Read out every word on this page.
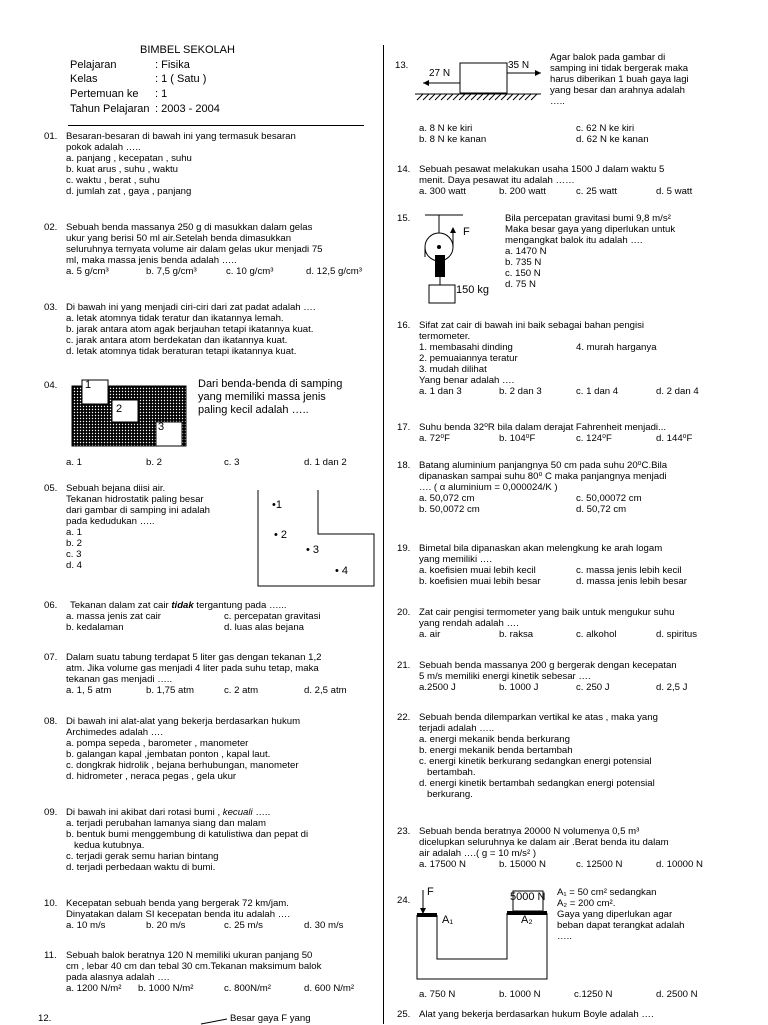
BIMBEL SEKOLAH
Pelajaran	: Fisika
Kelas	: 1 ( Satu )
Pertemuan ke : 1
Tahun Pelajaran : 2003 - 2004
01. Besaran-besaran di bawah ini yang termasuk besaran
pokok adalah …..
a. panjang , kecepatan , suhu
b. kuat arus , suhu , waktu
c. waktu , berat , suhu
d. jumlah zat , gaya , panjang
02. Sebuah benda massanya 250 g di masukkan dalam gelas
ukur yang berisi 50 ml air.Setelah benda dimasukkan
seluruhnya ternyata volume air dalam gelas ukur menjadi 75
ml, maka massa jenis benda adalah …..
a. 5 g/cm³	b. 7,5 g/cm³	c. 10 g/cm³	d. 12,5 g/cm³
03. Di bawah ini yang menjadi ciri-ciri dari zat padat adalah ….
a. letak atomnya tidak teratur dan ikatannya lemah.
b. jarak antara atom agak berjauhan tetapi ikatannya kuat.
c. jarak antara atom berdekatan dan ikatannya kuat.
d. letak atomnya tidak beraturan tetapi ikatannya kuat.
04.	1
2
3
Dari benda-benda di samping
yang memiliki massa jenis
paling kecil adalah …..
a. 1	b. 2	c. 3	d. 1 dan 2
05. Sebuah bejana diisi air.
Tekanan hidrostatik paling besar
dari gambar di samping ini adalah
pada kedudukan …..
a. 1
b. 2
c. 3
d. 4
•1
• 2
• 3
• 4
06. Tekanan dalam zat cair tidak tergantung pada …...
a. massa jenis zat cair
b. kedalaman
c. percepatan gravitasi
d. luas alas bejana
07. Dalam suatu tabung terdapat 5 liter gas dengan tekanan 1,2
atm. Jika volume gas menjadi 4 liter pada suhu tetap, maka
tekanan gas menjadi …..
a. 1, 5 atm	b. 1,75 atm	c. 2 atm	d. 2,5 atm
08. Di bawah ini alat-alat yang bekerja berdasarkan hukum
Archimedes adalah ….
a. pompa sepeda , barometer , manometer
b. galangan kapal ,jembatan ponton , kapal laut.
c. dongkrak hidrolik , bejana berhubungan, manometer
d. hidrometer , neraca pegas , gela ukur
09. Di bawah ini akibat dari rotasi bumi , kecuali …..
a. terjadi perubahan lamanya siang dan malam
b. bentuk bumi menggembung di katulistiwa dan pepat di
kedua kutubnya.
c. terjadi gerak semu harian bintang
d. terjadi perbedaan waktu di bumi.
10. Kecepatan sebuah benda yang bergerak 72 km/jam.
Dinyatakan dalam SI kecepatan benda itu adalah ….
a. 10 m/s	b. 20 m/s	c. 25 m/s	d. 30 m/s
11. Sebuah balok beratnya 120 N memiliki ukuran panjang 50
cm , lebar 40 cm dan tebal 30 cm.Tekanan maksimum balok
pada alasnya adalah ….
a. 1200 N/m² b. 1000 N/m²	c. 800N/m²	d. 600 N/m²
12.	Besar gaya F yang
13.
27 N
35 N
Agar balok pada gambar di
samping ini tidak bergerak maka
harus diberikan 1 buah gaya lagi
yang besar dan arahnya adalah
…..
a. 8 N ke kiri
b. 8 N ke kanan
c. 62 N ke kiri
d. 62 N ke kanan
14. Sebuah pesawat melakukan usaha 1500 J dalam waktu 5
menit. Daya pesawat itu adalah ……
a. 300 watt	b. 200 watt	c. 25 watt	d. 5 watt
15.
F
150 kg
Bila percepatan gravitasi bumi 9,8 m/s²
Maka besar gaya yang diperlukan untuk
mengangkat balok itu adalah ….
a. 1470 N
b. 735 N
c. 150 N
d. 75 N
16. Sifat zat cair di bawah ini baik sebagai bahan pengisi
termometer.
1. membasahi dinding	4. murah harganya
2. pemuaiannya teratur
3. mudah dilihat
Yang benar adalah ….
a. 1 dan 3	b. 2 dan 3	c. 1 dan 4	d. 2 dan 4
17. Suhu benda 32⁰R bila dalam derajat Fahrenheit menjadi...
a. 72⁰F	b. 104⁰F	c. 124⁰F	d. 144⁰F
18. Batang aluminium panjangnya 50 cm pada suhu 20⁰C.Bila
dipanaskan sampai suhu 80⁰ C maka panjangnya menjadi
…. ( α aluminium = 0,000024/K )
a. 50,072 cm
b. 50,0072 cm
c. 50,00072 cm
d. 50,72 cm
19. Bimetal bila dipanaskan akan melengkung ke arah logam
yang memiliki ….
a. koefisien muai lebih kecil
b. koefisien muai lebih besar
c. massa jenis lebih kecil
d. massa jenis lebih besar
20. Zat cair pengisi termometer yang baik untuk mengukur suhu
yang rendah adalah ….
a. air	b. raksa	c. alkohol	d. spiritus
21. Sebuah benda massanya 200 g bergerak dengan kecepatan
5 m/s memiliki energi kinetik sebesar ….
a.2500 J	b. 1000 J	c. 250 J	d. 2,5 J
22. Sebuah benda dilemparkan vertikal ke atas , maka yang
terjadi adalah …..
a. energi mekanik benda berkurang
b. energi mekanik benda bertambah
c. energi kinetik berkurang sedangkan energi potensial
bertambah.
d. energi kinetik bertambah sedangkan energi potensial
berkurang.
23. Sebuah benda beratnya 20000 N volumenya 0,5 m³
dicelupkan seluruhnya ke dalam air .Berat benda itu dalam
air adalah ….( g = 10 m/s² )
a. 17500 N	b. 15000 N	c. 12500 N	d. 10000 N
24.
F
A₁	A₂
5000 N A₁ = 50 cm² sedangkan
A₂ = 200 cm².
Gaya yang diperlukan agar
beban dapat terangkat adalah
…..
a. 750 N	b. 1000 N	c.1250 N	d. 2500 N
25. Alat yang bekerja berdasarkan hukum Boyle adalah ….
